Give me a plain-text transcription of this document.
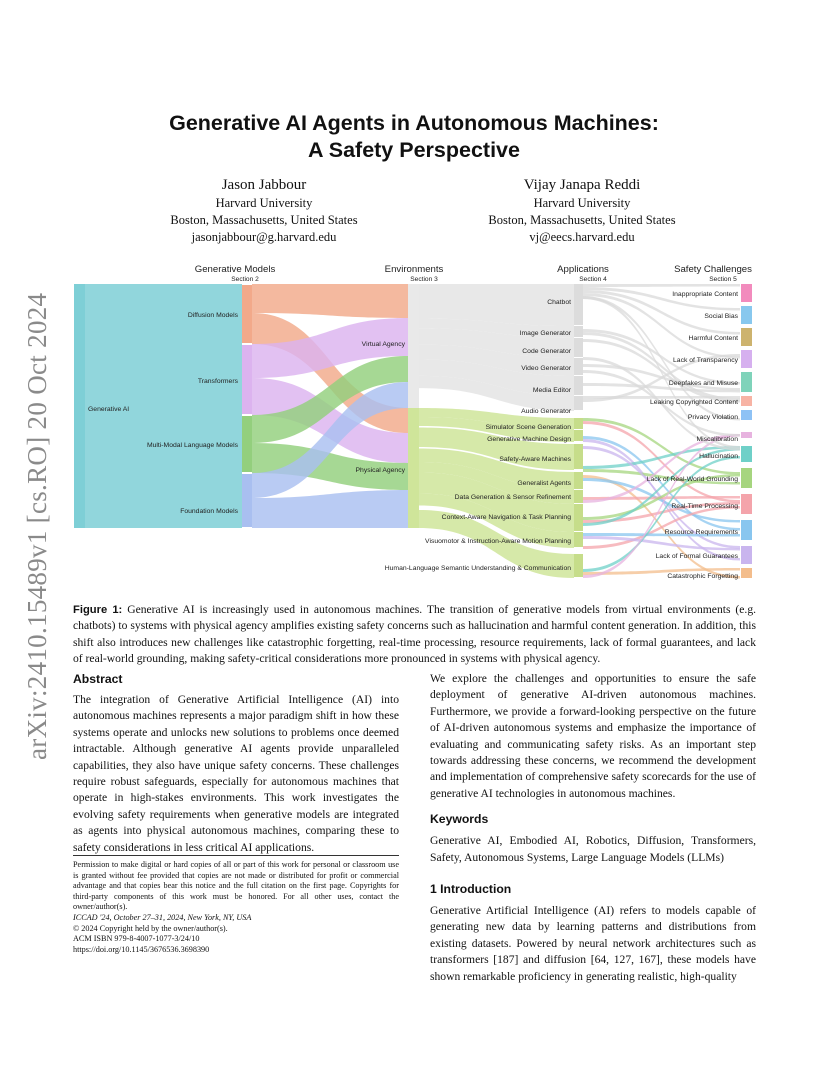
arXiv:2410.15489v1 [cs.RO] 20 Oct 2024
Generative AI Agents in Autonomous Machines:
A Safety Perspective
Jason Jabbour
Harvard University
Boston, Massachusetts, United States
jasonjabbour@g.harvard.edu
Vijay Janapa Reddi
Harvard University
Boston, Massachusetts, United States
vj@eecs.harvard.edu
Generative Models
Section 2
Environments
Section 3
Applications
Section 4
Safety Challenges
Section 5
Generative AI
Diffusion Models
Transformers
Multi-Modal Language Models
Foundation Models
Virtual Agency
Physical Agency
Chatbot
Image Generator
Code Generator
Video Generator
Media Editor
Audio Generator
Simulator Scene Generation
Generative Machine Design
Safety-Aware Machines
Generalist Agents
Data Generation & Sensor Refinement
Context-Aware Navigation & Task Planning
Visuomotor & Instruction-Aware Motion Planning
Human-Language Semantic Understanding & Communication
Inappropriate Content
Social Bias
Harmful Content
Lack of Transparency
Deepfakes and Misuse
Leaking Copyrighted Content
Privacy Violation
Miscalibration
Hallucination
Lack of Real-World Grounding
Real-Time Processing
Resource Requirements
Lack of Formal Guarantees
Catastrophic Forgetting
Figure 1: Generative AI is increasingly used in autonomous machines. The transition of generative models from virtual environments (e.g. chatbots) to systems with physical agency amplifies existing safety concerns such as hallucination and harmful content generation. In addition, this shift also introduces new challenges like catastrophic forgetting, real-time processing, resource requirements, lack of formal guarantees, and lack of real-world grounding, making safety-critical considerations more pronounced in systems with physical agency.

Abstract

The integration of Generative Artificial Intelligence (AI) into autonomous machines represents a major paradigm shift in how these systems operate and unlocks new solutions to problems once deemed intractable. Although generative AI agents provide unparalleled capabilities, they also have unique safety concerns. These challenges require robust safeguards, especially for autonomous machines that operate in high-stakes environments. This work investigates the evolving safety requirements when generative models are integrated as agents into physical autonomous machines, comparing these to safety considerations in less critical AI applications.
We explore the challenges and opportunities to ensure the safe deployment of generative AI-driven autonomous machines. Furthermore, we provide a forward-looking perspective on the future of AI-driven autonomous systems and emphasize the importance of evaluating and communicating safety risks. As an important step towards addressing these concerns, we recommend the development and implementation of comprehensive safety scorecards for the use of generative AI technologies in autonomous machines.

Keywords

Generative AI, Embodied AI, Robotics, Diffusion, Transformers, Safety, Autonomous Systems, Large Language Models (LLMs)

1 Introduction

Generative Artificial Intelligence (AI) refers to models capable of generating new data by learning patterns and distributions from existing datasets. Powered by neural network architectures such as transformers [187] and diffusion [64, 127, 167], these models have shown remarkable proficiency in generating realistic, high-quality
Permission to make digital or hard copies of all or part of this work for personal or classroom use is granted without fee provided that copies are not made or distributed for profit or commercial advantage and that copies bear this notice and the full citation on the first page. Copyrights for third-party components of this work must be honored. For all other uses, contact the owner/author(s).
ICCAD '24, October 27–31, 2024, New York, NY, USA
© 2024 Copyright held by the owner/author(s).
ACM ISBN 979-8-4007-1077-3/24/10
https://doi.org/10.1145/3676536.3698390
